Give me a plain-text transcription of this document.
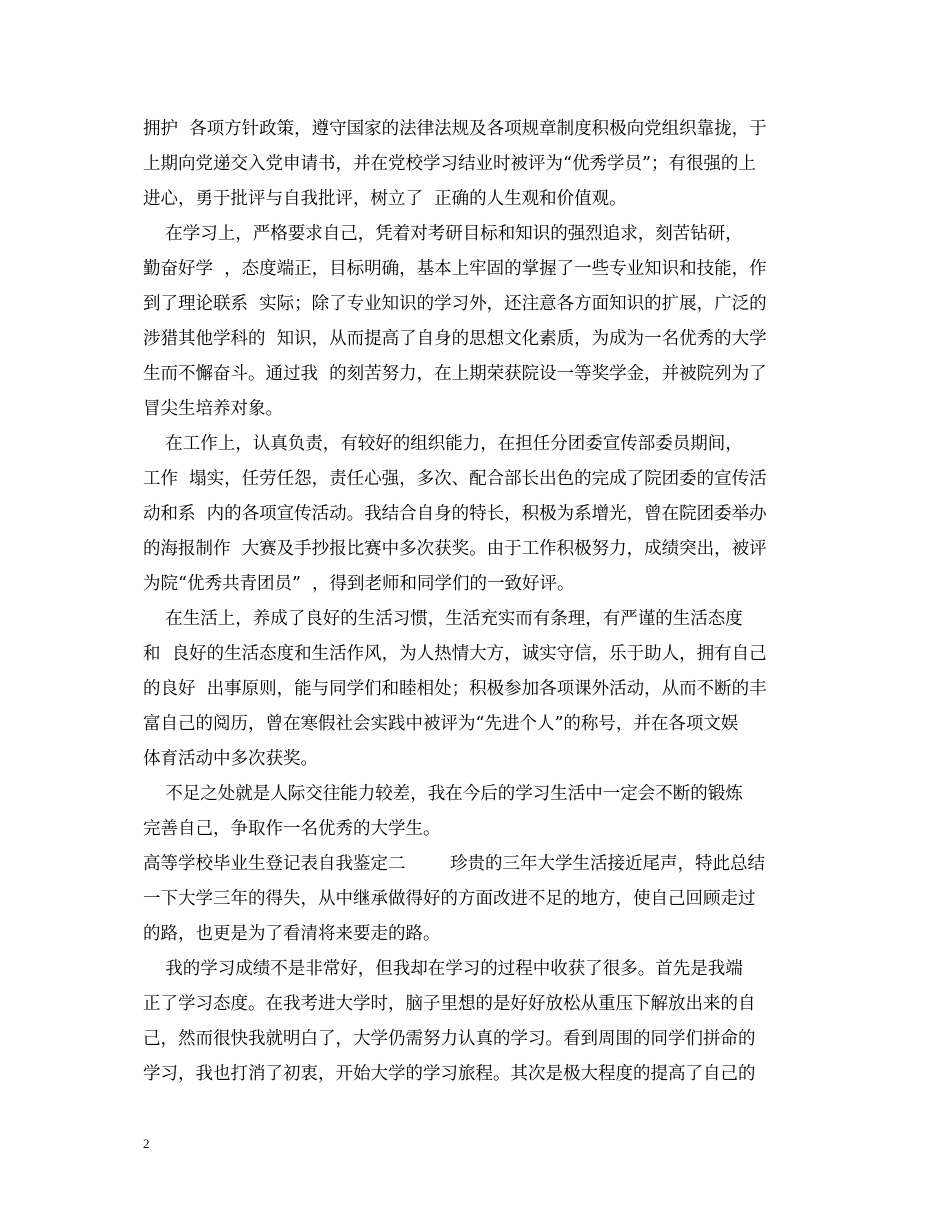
拥护  各项方针政策，遵守国家的法律法规及各项规章制度积极向党组织靠拢，于
上期向党递交入党申请书，并在党校学习结业时被评为“优秀学员”；有很强的上
进心，勇于批评与自我批评，树立了  正确的人生观和价值观。
在学习上，严格要求自己，凭着对考研目标和知识的强烈追求，刻苦钻研，
勤奋好学  ，态度端正，目标明确，基本上牢固的掌握了一些专业知识和技能，作
到了理论联系  实际；除了专业知识的学习外，还注意各方面知识的扩展，广泛的
涉猎其他学科的  知识，从而提高了自身的思想文化素质，为成为一名优秀的大学
生而不懈奋斗。通过我  的刻苦努力，在上期荣获院设一等奖学金，并被院列为了
冒尖生培养对象。
在工作上，认真负责，有较好的组织能力，在担任分团委宣传部委员期间，
工作  塌实，任劳任怨，责任心强，多次、配合部长出色的完成了院团委的宣传活
动和系  内的各项宣传活动。我结合自身的特长，积极为系增光，曾在院团委举办
的海报制作  大赛及手抄报比赛中多次获奖。由于工作积极努力，成绩突出，被评
为院“优秀共青团员”  ，得到老师和同学们的一致好评。
在生活上，养成了良好的生活习惯，生活充实而有条理，有严谨的生活态度
和  良好的生活态度和生活作风，为人热情大方，诚实守信，乐于助人，拥有自己
的良好  出事原则，能与同学们和睦相处；积极参加各项课外活动，从而不断的丰
富自己的阅历，曾在寒假社会实践中被评为“先进个人”的称号，并在各项文娱
体育活动中多次获奖。
不足之处就是人际交往能力较差，我在今后的学习生活中一定会不断的锻炼
完善自己，争取作一名优秀的大学生。
高等学校毕业生登记表自我鉴定二        珍贵的三年大学生活接近尾声，特此总结
一下大学三年的得失，从中继承做得好的方面改进不足的地方，使自己回顾走过
的路，也更是为了看清将来要走的路。
我的学习成绩不是非常好，但我却在学习的过程中收获了很多。首先是我端
正了学习态度。在我考进大学时，脑子里想的是好好放松从重压下解放出来的自
己，然而很快我就明白了，大学仍需努力认真的学习。看到周围的同学们拼命的
学习，我也打消了初衷，开始大学的学习旅程。其次是极大程度的提高了自己的
2
